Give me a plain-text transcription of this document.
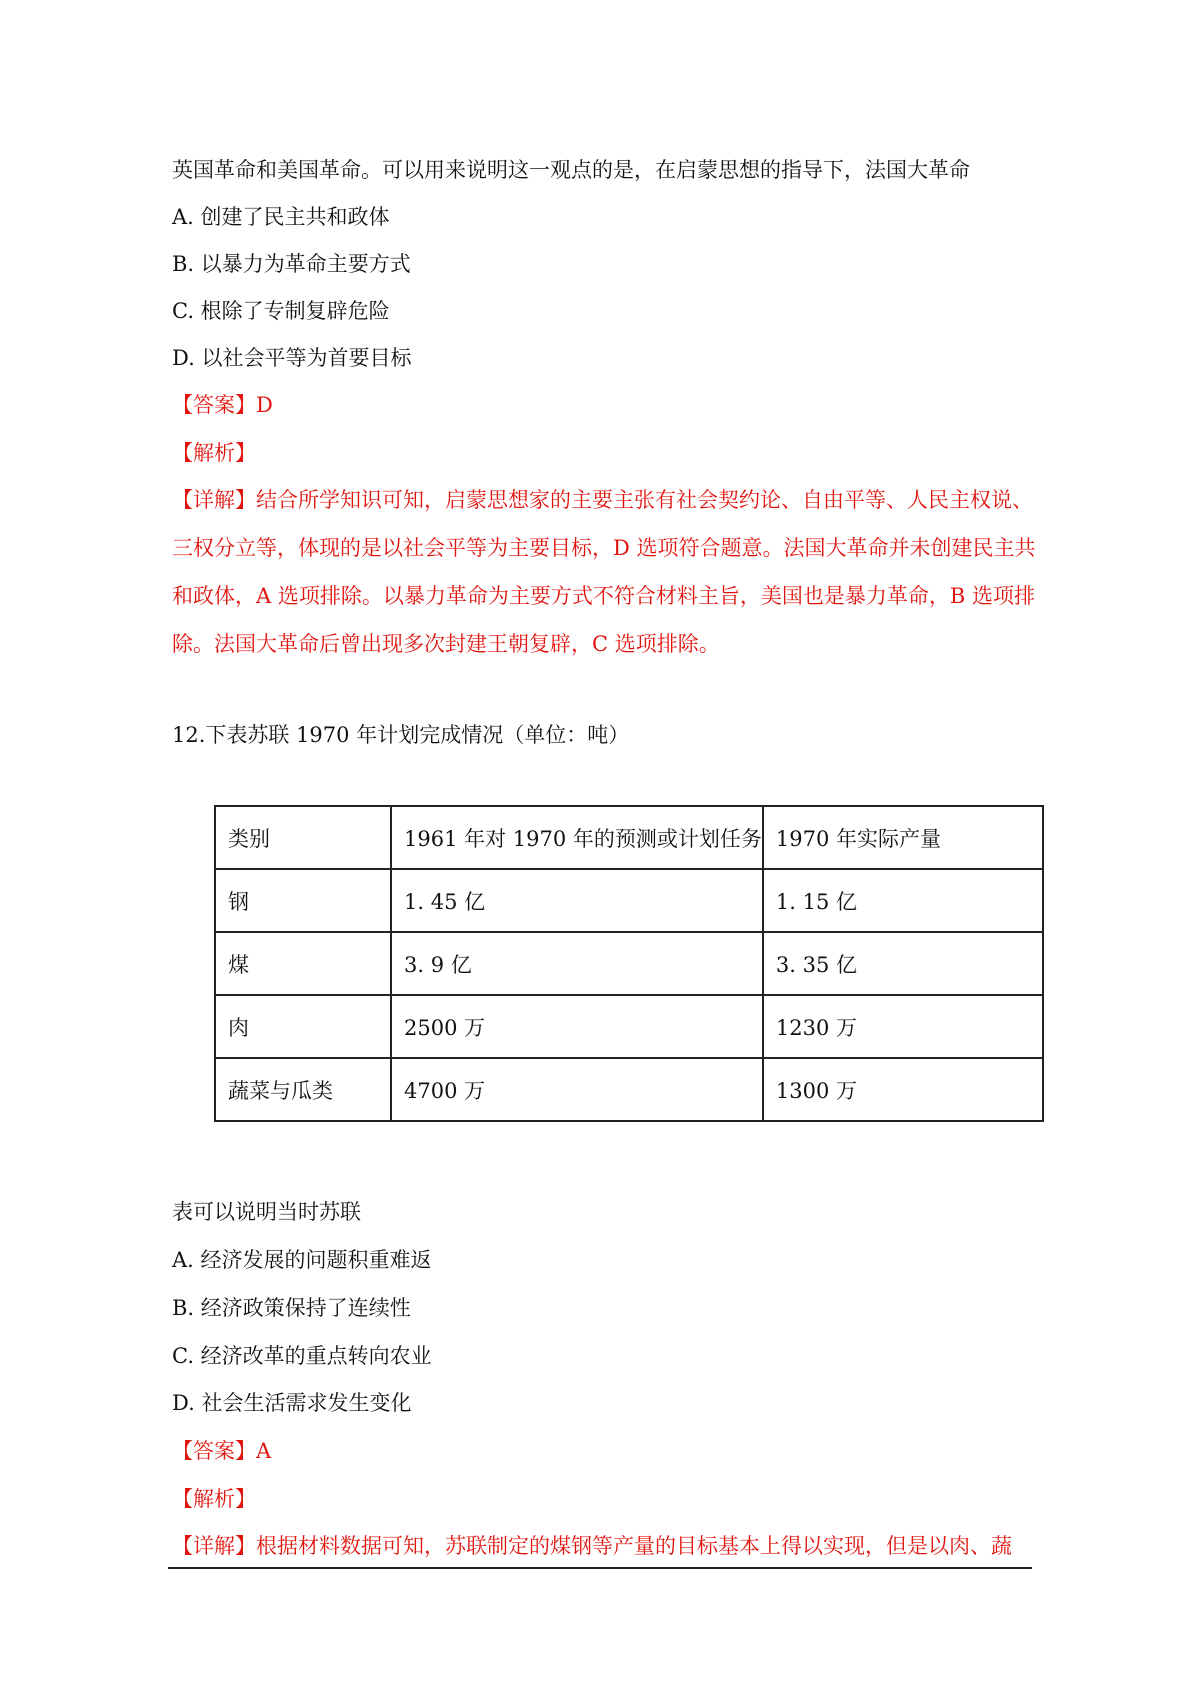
英国革命和美国革命。可以用来说明这一观点的是，在启蒙思想的指导下，法国大革命
A. 创建了民主共和政体
B. 以暴力为革命主要方式
C. 根除了专制复辟危险
D. 以社会平等为首要目标
【答案】D
【解析】
【详解】结合所学知识可知，启蒙思想家的主要主张有社会契约论、自由平等、人民主权说、
三权分立等，体现的是以社会平等为主要目标，D 选项符合题意。法国大革命并未创建民主共
和政体，A 选项排除。以暴力革命为主要方式不符合材料主旨，美国也是暴力革命，B 选项排
除。法国大革命后曾出现多次封建王朝复辟，C 选项排除。
12.下表苏联 1970 年计划完成情况（单位：吨）
类别	1961 年对 1970 年的预测或计划任务	1970 年实际产量
钢	1. 45 亿	1. 15 亿
煤	3. 9 亿	3. 35 亿
肉	2500 万	1230 万
蔬菜与瓜类	4700 万	1300 万
表可以说明当时苏联
A. 经济发展的问题积重难返
B. 经济政策保持了连续性
C. 经济改革的重点转向农业
D. 社会生活需求发生变化
【答案】A
【解析】
【详解】根据材料数据可知，苏联制定的煤钢等产量的目标基本上得以实现，但是以肉、蔬
